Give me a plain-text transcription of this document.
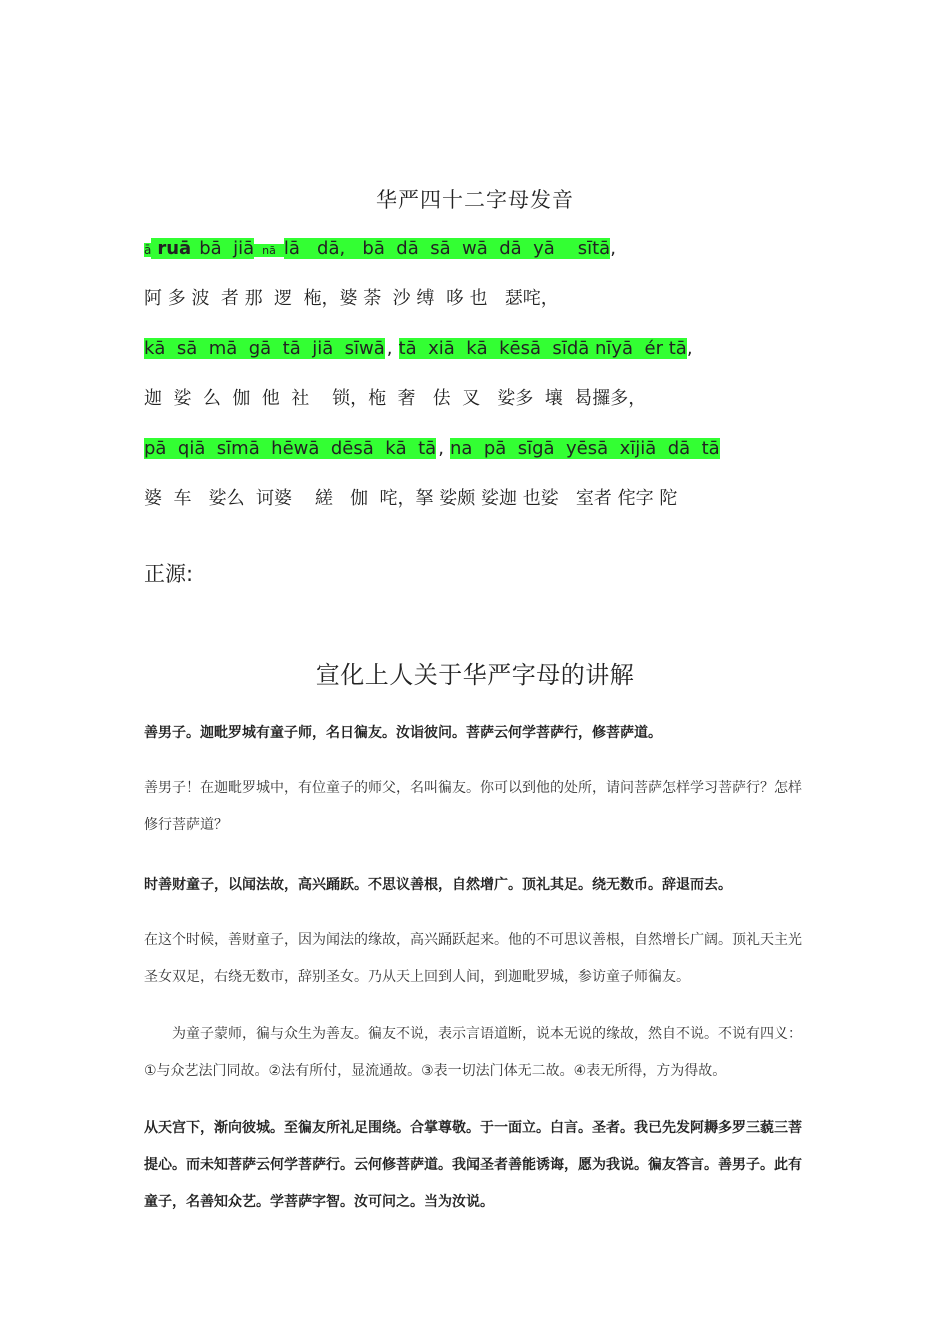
华严四十二字母发音
ā ruā bā  jiā nā lā   dā,   bā  dā  sā  wā  dā  yā    sītā,
阿 多 波  者 那  逻  柂，婆 荼  沙 缚  哆 也   瑟咤，
kā  sā  mā  gā  tā  jiā  sīwā , tā  xiā  kā  kēsā  sīdā nīyā  ér tā,
迦  娑  么  伽  他  社    锁，柂  奢   佉  叉   娑多  壤  曷攞多，
pā  qiā  sīmā  hēwā  dēsā  kā  tā , na  pā  sīgā  yēsā  xījiā  dā  tā
婆  车   娑么  诃婆    縒   伽  咤，拏 娑颇 娑迦 也娑   室者 侘字 陀
正源:
宣化上人关于华严字母的讲解
善男子。迦毗罗城有童子师，名日徧友。汝诣彼问。菩萨云何学菩萨行，修菩萨道。
善男子！在迦毗罗城中，有位童子的师父，名叫徧友。你可以到他的处所，请问菩萨怎样学习菩萨行？怎样修行菩萨道？
时善财童子，以闻法故，高兴踊跃。不思议善根，自然增广。顶礼其足。绕无数币。辞退而去。
在这个时候，善财童子，因为闻法的缘故，高兴踊跃起来。他的不可思议善根，自然增长广阔。顶礼天主光圣女双足，右绕无数市，辞别圣女。乃从天上回到人间，到迦毗罗城，参访童子师徧友。
为童子蒙师，徧与众生为善友。徧友不说，表示言语道断，说本无说的缘故，然自不说。不说有四义：①与众艺法门同故。②法有所付，显流通故。③表一切法门体无二故。④表无所得，方为得故。
从天宫下，渐向彼城。至徧友所礼足围绕。合掌尊敬。于一面立。白言。圣者。我已先发阿耨多罗三藐三菩提心。而未知菩萨云何学菩萨行。云何修菩萨道。我闻圣者善能诱诲，愿为我说。徧友答言。善男子。此有童子，名善知众艺。学菩萨字智。汝可问之。当为汝说。
